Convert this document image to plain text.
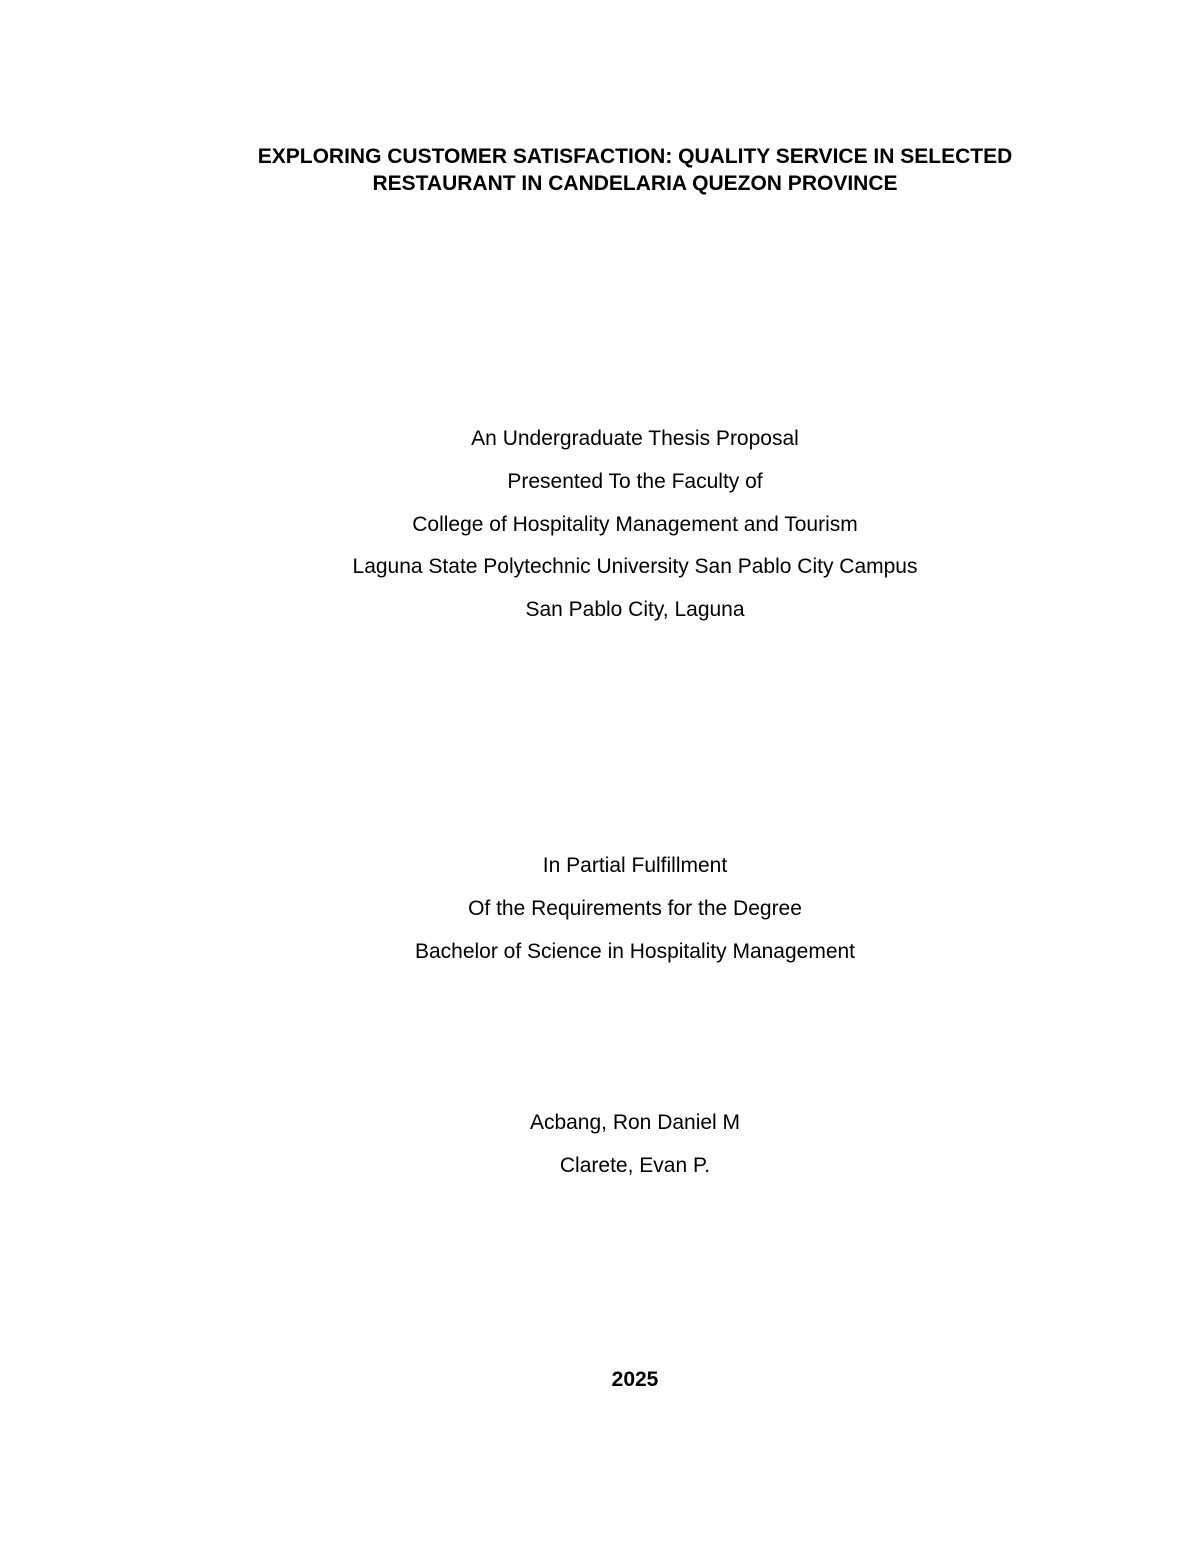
EXPLORING CUSTOMER SATISFACTION: QUALITY SERVICE IN SELECTED RESTAURANT IN CANDELARIA QUEZON PROVINCE
An Undergraduate Thesis Proposal
Presented To the Faculty of
College of Hospitality Management and Tourism
Laguna State Polytechnic University San Pablo City Campus
San Pablo City, Laguna
In Partial Fulfillment
Of the Requirements for the Degree
Bachelor of Science in Hospitality Management
Acbang, Ron Daniel M
Clarete, Evan P.
2025
